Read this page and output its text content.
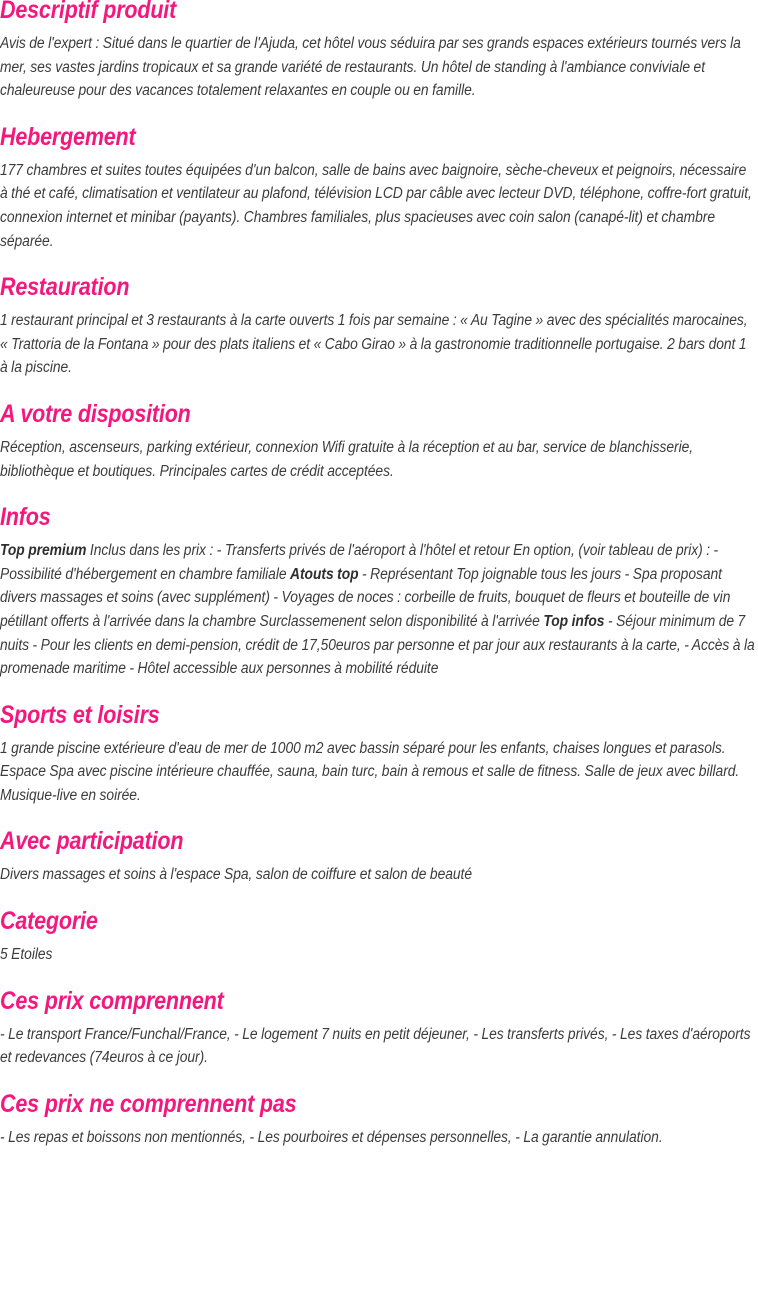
Descriptif produit

Avis de l'expert : Situé dans le quartier de l'Ajuda, cet hôtel vous séduira par ses grands espaces extérieurs tournés vers la mer, ses vastes jardins tropicaux et sa grande variété de restaurants. Un hôtel de standing à l'ambiance conviviale et chaleureuse pour des vacances totalement relaxantes en couple ou en famille.

Hebergement

177 chambres et suites toutes équipées d'un balcon, salle de bains avec baignoire, sèche-cheveux et peignoirs, nécessaire à thé et café, climatisation et ventilateur au plafond, télévision LCD par câble avec lecteur DVD, téléphone, coffre-fort gratuit, connexion internet et minibar (payants). Chambres familiales, plus spacieuses avec coin salon (canapé-lit) et chambre séparée.

Restauration

1 restaurant principal et 3 restaurants à la carte ouverts 1 fois par semaine : « Au Tagine » avec des spécialités marocaines, « Trattoria de la Fontana » pour des plats italiens et « Cabo Girao » à la gastronomie traditionnelle portugaise. 2 bars dont 1 à la piscine.

A votre disposition

Réception, ascenseurs, parking extérieur, connexion Wifi gratuite à la réception et au bar, service de blanchisserie, bibliothèque et boutiques. Principales cartes de crédit acceptées.

Infos

Top premium Inclus dans les prix : - Transferts privés de l'aéroport à l'hôtel et retour En option, (voir tableau de prix) : - Possibilité d'hébergement en chambre familiale Atouts top - Représentant Top joignable tous les jours - Spa proposant divers massages et soins (avec supplément) - Voyages de noces : corbeille de fruits, bouquet de fleurs et bouteille de vin pétillant offerts à l'arrivée dans la chambre Surclassemenent selon disponibilité à l'arrivée Top infos - Séjour minimum de 7 nuits - Pour les clients en demi-pension, crédit de 17,50euros par personne et par jour aux restaurants à la carte, - Accès à la promenade maritime - Hôtel accessible aux personnes à mobilité réduite

Sports et loisirs

1 grande piscine extérieure d'eau de mer de 1000 m2 avec bassin séparé pour les enfants, chaises longues et parasols. Espace Spa avec piscine intérieure chauffée, sauna, bain turc, bain à remous et salle de fitness. Salle de jeux avec billard. Musique-live en soirée.

Avec participation

Divers massages et soins à l'espace Spa, salon de coiffure et salon de beauté

Categorie

5 Etoiles

Ces prix comprennent

- Le transport France/Funchal/France, - Le logement 7 nuits en petit déjeuner, - Les transferts privés, - Les taxes d'aéroports et redevances (74euros à ce jour).

Ces prix ne comprennent pas

- Les repas et boissons non mentionnés, - Les pourboires et dépenses personnelles, - La garantie annulation.
